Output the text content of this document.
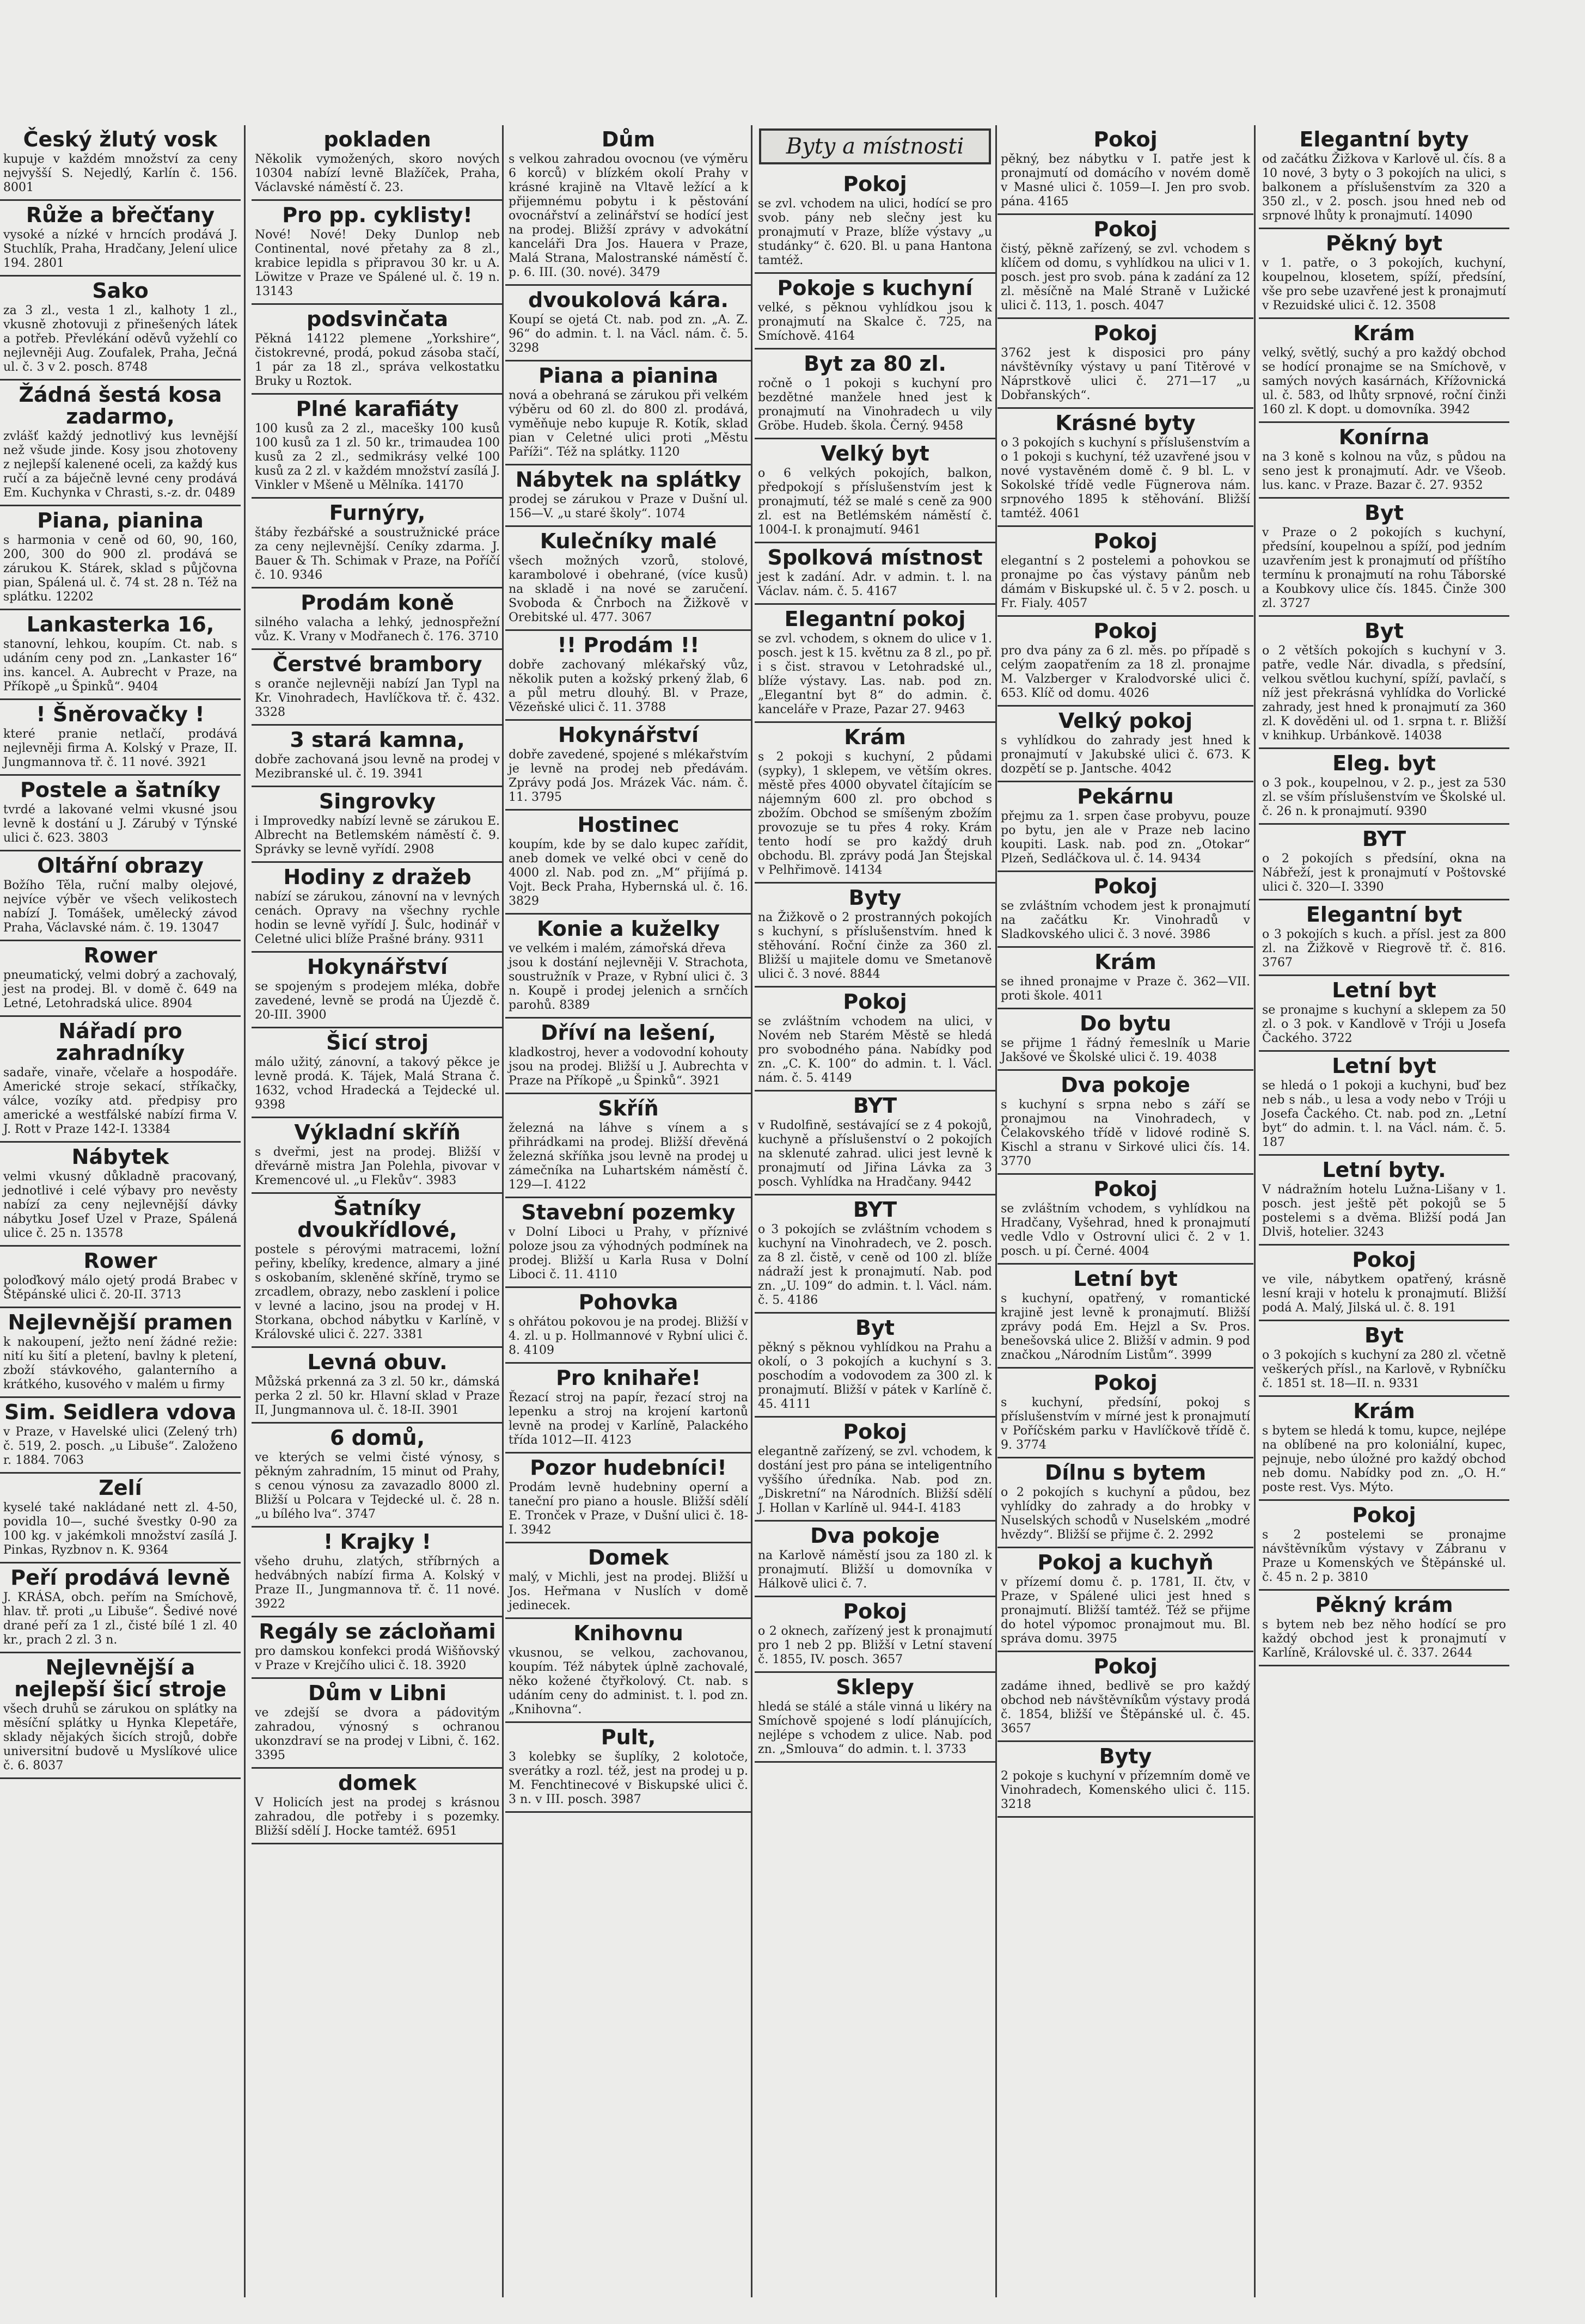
Český žlutý vosk

kupuje v každém množství za ceny nejvyšší S. Nejedlý, Karlín č. 156. 8001

Růže a břečťany

vysoké a nízké v hrncích prodává J. Stuchlík, Praha, Hradčany, Jelení ulice 194. 2801

Sako

za 3 zl., vesta 1 zl., kalhoty 1 zl., vkusně zhotovuji z přinešených látek a potřeb. Převlékání oděvů vyžehlí co nejlevněji Aug. Zoufalek, Praha, Ječná ul. č. 3 v 2. posch. 8748

Žádná šestá kosa zadarmo,

zvlášť každý jednotlivý kus levnější než všude jinde. Kosy jsou zhotoveny z nejlepší kalenené oceli, za každý kus ručí a za báječně levné ceny prodává Em. Kuchynka v Chrasti, s.-z. dr. 0489

Piana, pianina

s harmonia v ceně od 60, 90, 160, 200, 300 do 900 zl. prodává se zárukou K. Stárek, sklad s půjčovna pian, Spálená ul. č. 74 st. 28 n. Též na splátku. 12202

Lankasterka 16,

stanovní, lehkou, koupím. Ct. nab. s udáním ceny pod zn. „Lankaster 16“ ins. kancel. A. Aubrecht v Praze, na Příkopě „u Špinků“. 9404

! Šněrovačky !

které pranie netlačí, prodává nejlevněji firma A. Kolský v Praze, II. Jungmannova tř. č. 11 nové. 3921

Postele a šatníky

tvrdé a lakované velmi vkusné jsou levně k dostání u J. Zárubý v Týnské ulici č. 623. 3803

Oltářní obrazy

Božího Těla, ruční malby olejové, nejvíce výběr ve všech velikostech nabízí J. Tomášek, umělecký závod Praha, Václavské nám. č. 19. 13047

Rower

pneumatický, velmi dobrý a zachovalý, jest na prodej. Bl. v domě č. 649 na Letné, Letohradská ulice. 8904

Nářadí pro zahradníky

sadaře, vinaře, včelaře a hospodáře. Americké stroje sekací, stříkačky, válce, vozíky atd. předpisy pro americké a westfálské nabízí firma V. J. Rott v Praze 142-I. 13384

Nábytek

velmi vkusný důkladně pracovaný, jednotlivé i celé výbavy pro nevěsty nabízí za ceny nejlevnější dávky nábytku Josef Uzel v Praze, Spálená ulice č. 25 n. 13578

Rower

poloďkový málo ojetý prodá Brabec v Štěpánské ulici č. 20-II. 3713

Nejlevnější pramen

k nakoupení, ježto není žádné režie: nití ku šití a pletení, bavlny k pletení, zboží stávkového, galanterního a krátkého, kusového v malém u firmy

Sim. Seidlera vdova

v Praze, v Havelské ulici (Zelený trh) č. 519, 2. posch. „u Libuše“. Založeno r. 1884. 7063

Zelí

kyselé také nakládané nett zl. 4-50, povidla 10—, suché švestky 0-90 za 100 kg. v jakémkoli množství zasílá J. Pinkas, Ryzbnov n. K. 9364

Peří prodává levně

J. KRÁSA, obch. peřím na Smíchově, hlav. tř. proti „u Libuše“. Šedivé nové drané peří za 1 zl., čisté bílé 1 zl. 40 kr., prach 2 zl. 3 n.

Nejlevnější a nejlepší šicí stroje

všech druhů se zárukou on splátky na měsíční splátky u Hynka Klepetáře, sklady nějakých šicích strojů, dobře universitní budově u Myslíkové ulice č. 6. 8037

pokladen

Několik vymožených, skoro nových 10304 nabízí levně Blažíček, Praha, Václavské náměstí č. 23.

Pro pp. cyklisty!

Nové! Nové! Deky Dunlop neb Continental, nové přetahy za 8 zl., krabice lepidla s připravou 30 kr. u A. Löwitze v Praze ve Spálené ul. č. 19 n. 13143

podsvinčata

Pěkná 14122 plemene „Yorkshire“, čistokrevné, prodá, pokud zásoba stačí, 1 pár za 18 zl., správa velkostatku Bruky u Roztok.

Plné karafiáty

100 kusů za 2 zl., macešky 100 kusů 100 kusů za 1 zl. 50 kr., trimaudea 100 kusů za 2 zl., sedmikrásy velké 100 kusů za 2 zl. v každém množství zasílá J. Vinkler v Mšeně u Mělníka. 14170

Furnýry,

štáby řezbářské a soustružnické práce za ceny nejlevnější. Ceníky zdarma. J. Bauer & Th. Schimak v Praze, na Poříčí č. 10. 9346

Prodám koně

silného valacha a lehký, jednospřežní vůz. K. Vrany v Modřanech č. 176. 3710

Čerstvé brambory

s oranče nejlevněji nabízí Jan Typl na Kr. Vinohradech, Havlíčkova tř. č. 432. 3328

3 stará kamna,

dobře zachovaná jsou levně na prodej v Mezibranské ul. č. 19. 3941

Singrovky

i Improvedky nabízí levně se zárukou E. Albrecht na Betlemském náměstí č. 9. Správky se levně vyřídí. 2908

Hodiny z dražeb

nabízí se zárukou, zánovní na v levných cenách. Opravy na všechny rychle hodin se levně vyřídí J. Šulc, hodinář v Celetné ulici blíže Prašné brány. 9311

Hokynářství

se spojeným s prodejem mléka, dobře zavedené, levně se prodá na Újezdě č. 20-III. 3900

Šicí stroj

málo užitý, zánovní, a takový pěkce je levně prodá. K. Tájek, Malá Strana č. 1632, vchod Hradecká a Tejdecké ul. 9398

Výkladní skříň

s dveřmi, jest na prodej. Bližší v dřevárně mistra Jan Polehla, pivovar v Kremencové ul. „u Flekův“. 3983

Šatníky dvoukřídlové,

postele s pérovými matracemi, ložní peřiny, kbelíky, kredence, almary a jiné s oskobaním, skleněné skříně, trymo se zrcadlem, obrazy, nebo zasklení i police v levné a lacino, jsou na prodej v H. Storkana, obchod nábytku v Karlíně, v Královské ulici č. 227. 3381

Levná obuv.

Můžská prkenná za 3 zl. 50 kr., dámská perka 2 zl. 50 kr. Hlavní sklad v Praze II, Jungmannova ul. č. 18-II. 3901

6 domů,

ve kterých se velmi čisté výnosy, s pěkným zahradním, 15 minut od Prahy, s cenou výnosu za zavazadlo 8000 zl. Bližší u Polcara v Tejdecké ul. č. 28 n. „u bílého lva“. 3747

! Krajky !

všeho druhu, zlatých, stříbrných a hedvábných nabízí firma A. Kolský v Praze II., Jungmannova tř. č. 11 nové. 3922

Regály se zácloňami

pro damskou konfekci prodá Wišňovský v Praze v Krejčího ulici č. 18. 3920

Dům v Libni

ve zdejší se dvora a pádovitým zahradou, výnosný s ochranou ukonzdraví se na prodej v Libni, č. 162. 3395

domek

V Holicích jest na prodej s krásnou zahradou, dle potřeby i s pozemky. Bližší sdělí J. Hocke tamtéž. 6951

Dům

s velkou zahradou ovocnou (ve výměru 6 korců) v blízkém okolí Prahy v krásné krajině na Vltavě ležící a k přijemnému pobytu i k pěstování ovocnářství a zelinářství se hodící jest na prodej. Bližší zprávy v advokátní kanceláři Dra Jos. Hauera v Praze, Malá Strana, Malostranské náměstí č. p. 6. III. (30. nové). 3479

dvoukolová kára.

Koupí se ojetá Ct. nab. pod zn. „A. Z. 96“ do admin. t. l. na Václ. nám. č. 5. 3298

Piana a pianina

nová a obehraná se zárukou při velkém výběru od 60 zl. do 800 zl. prodává, vyměňuje nebo kupuje R. Kotík, sklad pian v Celetné ulici proti „Městu Paříži“. Též na splátky. 1120

Nábytek na splátky

prodej se zárukou v Praze v Dušní ul. 156—V. „u staré školy“. 1074

Kulečníky malé

všech možných vzorů, stolové, karambolové i obehrané, (více kusů) na skladě i na nové se zaručení. Svoboda & Čnrboch na Žižkově v Orebitské ul. 477. 3067

!! Prodám !!

dobře zachovaný mlékařský vůz, několik puten a kožský prkený žlab, 6 a půl metru dlouhý. Bl. v Praze, Vězeňské ulici č. 11. 3788

Hokynářství

dobře zavedené, spojené s mlékařstvím je levně na prodej neb předávám. Zprávy podá Jos. Mrázek Vác. nám. č. 11. 3795

Hostinec

koupím, kde by se dalo kupec zařídit, aneb domek ve velké obci v ceně do 4000 zl. Nab. pod zn. „M“ přijímá p. Vojt. Beck Praha, Hybernská ul. č. 16. 3829

Konie a kuželky

ve velkém i malém, zámořská dřeva

jsou k dostání nejlevněji V. Strachota, soustružník v Praze, v Rybní ulici č. 3 n. Koupě i prodej jelenich a srnčích parohů. 8389

Dříví na lešení,

kladkostroj, hever a vodovodní kohouty jsou na prodej. Bližší u J. Aubrechta v Praze na Příkopě „u Špinků“. 3921

Skříň

železná na láhve s vínem a s přihrádkami na prodej. Bližší dřevěná železná skříňka jsou levně na prodej u zámečníka na Luhartském náměstí č. 129—I. 4122

Stavební pozemky

v Dolní Liboci u Prahy, v příznivé poloze jsou za výhodných podmínek na prodej. Bližší u Karla Rusa v Dolní Liboci č. 11. 4110

Pohovka

s ohřátou pokovou je na prodej. Bližší v 4. zl. u p. Hollmannové v Rybní ulici č. 8. 4109

Pro knihaře!

Řezací stroj na papír, řezací stroj na lepenku a stroj na krojení kartonů levně na prodej v Karlíně, Palackého třída 1012—II. 4123

Pozor hudebníci!

Prodám levně hudebniny operní a taneční pro piano a housle. Bližší sdělí E. Tronček v Praze, v Dušní ulici č. 18-I. 3942

Domek

malý, v Michli, jest na prodej. Bližší u Jos. Heřmana v Nuslích v domě jedinecek.

Knihovnu

vkusnou, se velkou, zachovanou, koupím. Též nábytek úplně zachovalé, něko kožené čtyřkolový. Ct. nab. s udáním ceny do administ. t. l. pod zn. „Knihovna“.

Pult,

3 kolebky se šuplíky, 2 kolotoče, sverátky a rozl. též, jest na prodej u p. M. Fenchtinecové v Biskupské ulici č. 3 n. v III. posch. 3987

Byty a místnosti
Pokoj

se zvl. vchodem na ulici, hodící se pro svob. pány neb slečny jest ku pronajmutí v Praze, blíže výstavy „u studánky“ č. 620. Bl. u pana Hantona tamtéž.

Pokoje s kuchyní

velké, s pěknou vyhlídkou jsou k pronajmutí na Skalce č. 725, na Smíchově. 4164

Byt za 80 zl.

ročně o 1 pokoji s kuchyní pro bezdětné manžele hned jest k pronajmutí na Vinohradech u vily Gröbe. Hudeb. škola. Černý. 9458

Velký byt

o 6 velkých pokojích, balkon, předpokojí s příslušenstvím jest k pronajmutí, též se malé s ceně za 900 zl. est na Betlémském náměstí č. 1004-I. k pronajmutí. 9461

Spolková místnost

jest k zadání. Adr. v admin. t. l. na Václav. nám. č. 5. 4167

Elegantní pokoj

se zvl. vchodem, s oknem do ulice v 1. posch. jest k 15. květnu za 8 zl., po př. i s čist. stravou v Letohradské ul., blíže výstavy. Las. nab. pod zn. „Elegantní byt 8“ do admin. č. kanceláře v Praze, Pazar 27. 9463

Krám

s 2 pokoji s kuchyní, 2 půdami (sypky), 1 sklepem, ve větším okres. městě přes 4000 obyvatel čítajícím se nájemným 600 zl. pro obchod s zbožím. Obchod se smíšeným zbožím provozuje se tu přes 4 roky. Krám tento hodí se pro každý druh obchodu. Bl. zprávy podá Jan Štejskal v Pelhřimově. 14134

Byty

na Žižkově o 2 prostranných pokojích s kuchyní, s příslušenstvím. hned k stěhování. Roční činže za 360 zl. Bližší u majitele domu ve Smetanově ulici č. 3 nové. 8844

Pokoj

se zvláštním vchodem na ulici, v Novém neb Starém Městě se hledá pro svobodného pána. Nabídky pod zn. „C. K. 100“ do admin. t. l. Václ. nám. č. 5. 4149

BYT

v Rudolfině, sestávající se z 4 pokojů, kuchyně a příslušenství o 2 pokojích na sklenuté zahrad. ulici jest levně k pronajmutí od Jiřina Lávka za 3 posch. Vyhlídka na Hradčany. 9442

BYT

o 3 pokojích se zvláštním vchodem s kuchyní na Vinohradech, ve 2. posch. za 8 zl. čistě, v ceně od 100 zl. blíže nádraží jest k pronajmutí. Nab. pod zn. „U. 109“ do admin. t. l. Václ. nám. č. 5. 4186

Byt

pěkný s pěknou vyhlídkou na Prahu a okolí, o 3 pokojích a kuchyní s 3. poschodím a vodovodem za 300 zl. k pronajmutí. Bližší v pátek v Karlíně č. 45. 4111

Pokoj

elegantně zařízený, se zvl. vchodem, k dostání jest pro pána se inteligentního vyššího úředníka. Nab. pod zn. „Diskretní“ na Národních. Bližší sdělí J. Hollan v Karlíně ul. 944-I. 4183

Dva pokoje

na Karlově náměstí jsou za 180 zl. k pronajmutí. Bližší u domovníka v Hálkově ulici č. 7.

Pokoj

o 2 oknech, zařízený jest k pronajmutí pro 1 neb 2 pp. Bližší v Letní stavení č. 1855, IV. posch. 3657

Sklepy

hledá se stálé a stále vinná u likéry na Smíchově spojené s lodí plánujících, nejlépe s vchodem z ulice. Nab. pod zn. „Smlouva“ do admin. t. l. 3733

Pokoj

pěkný, bez nábytku v I. patře jest k pronajmutí od domácího v novém domě v Masné ulici č. 1059—I. Jen pro svob. pána. 4165

Pokoj

čistý, pěkně zařízený, se zvl. vchodem s klíčem od domu, s vyhlídkou na ulici v 1. posch. jest pro svob. pána k zadání za 12 zl. měsíčně na Malé Straně v Lužické ulici č. 113, 1. posch. 4047

Pokoj

3762 jest k disposici pro pány návštěvníky výstavy u paní Titěrové v Náprstkově ulici č. 271—17 „u Dobřanských“.

Krásné byty

o 3 pokojích s kuchyní s příslušenstvím a o 1 pokoji s kuchyní, též uzavřené jsou v nové vystavěném domě č. 9 bl. L. v Sokolské třídě vedle Fügnerova nám. srpnového 1895 k stěhování. Bližší tamtéž. 4061

Pokoj

elegantní s 2 postelemi a pohovkou se pronajme po čas výstavy pánům neb dámám v Biskupské ul. č. 5 v 2. posch. u Fr. Fialy. 4057

Pokoj

pro dva pány za 6 zl. měs. po případě s celým zaopatřením za 18 zl. pronajme M. Valzberger v Kralodvorské ulici č. 653. Klíč od domu. 4026

Velký pokoj

s vyhlídkou do zahrady jest hned k pronajmutí v Jakubské ulici č. 673. K dozpětí se p. Jantsche. 4042

Pekárnu

přejmu za 1. srpen čase probyvu, pouze po bytu, jen ale v Praze neb lacino koupiti. Lask. nab. pod zn. „Otokar“ Plzeň, Sedláčkova ul. č. 14. 9434

Pokoj

se zvláštním vchodem jest k pronajmutí na začátku Kr. Vinohradů v Sladkovského ulici č. 3 nové. 3986

Krám

se ihned pronajme v Praze č. 362—VII. proti škole. 4011

Do bytu

se přijme 1 řádný řemeslník u Marie Jakšové ve Školské ulici č. 19. 4038

Dva pokoje

s kuchyní s srpna nebo s září se pronajmou na Vinohradech, v Čelakovského třídě v lidové rodině S. Kischl a stranu v Sirkové ulici čís. 14. 3770

Pokoj

se zvláštním vchodem, s vyhlídkou na Hradčany, Vyšehrad, hned k pronajmutí vedle Vdlo v Ostrovní ulici č. 2 v 1. posch. u pí. Černé. 4004

Letní byt

s kuchyní, opatřený, v romantické krajině jest levně k pronajmutí. Bližší zprávy podá Em. Hejzl a Sv. Pros. benešovská ulice 2. Bližší v admin. 9 pod značkou „Národním Listům“. 3999

Pokoj

s kuchyní, předsíní, pokoj s příslušenstvím v mírné jest k pronajmutí v Poříčském parku v Havlíčkově třídě č. 9. 3774

Dílnu s bytem

o 2 pokojích s kuchyní a půdou, bez vyhlídky do zahrady a do hrobky v Nuselských schodů v Nuselském „modré hvězdy“. Bližší se přijme č. 2. 2992

Pokoj a kuchyň

v přízemí domu č. p. 1781, II. čtv, v Praze, v Spálené ulici jest hned s pronajmutí. Bližší tamtéž. Též se přijme do hotel výpomoc pronajmout mu. Bl. správa domu. 3975

Pokoj

zadáme ihned, bedlivě se pro každý obchod neb návštěvníkům výstavy prodá č. 1854, bližší ve Štěpánské ul. č. 45. 3657

Byty

2 pokoje s kuchyní v přízemním domě ve Vinohradech, Komenského ulici č. 115. 3218

Elegantní byty

od začátku Žižkova v Karlově ul. čís. 8 a 10 nové, 3 byty o 3 pokojích na ulici, s balkonem a příslušenstvím za 320 a 350 zl., v 2. posch. jsou hned neb od srpnové lhůty k pronajmutí. 14090

Pěkný byt

v 1. patře, o 3 pokojích, kuchyní, koupelnou, klosetem, spíží, předsíní, vše pro sebe uzavřené jest k pronajmutí v Rezuidské ulici č. 12. 3508

Krám

velký, světlý, suchý a pro každý obchod se hodící pronajme se na Smíchově, v samých nových kasárnách, Křížovnická ul. č. 583, od lhůty srpnové, roční činži 160 zl. K dopt. u domovníka. 3942

Konírna

na 3 koně s kolnou na vůz, s půdou na seno jest k pronajmutí. Adr. ve Všeob. lus. kanc. v Praze. Bazar č. 27. 9352

Byt

v Praze o 2 pokojích s kuchyní, předsíní, koupelnou a spíží, pod jedním uzavřením jest k pronajmutí od příštího termínu k pronajmutí na rohu Táborské a Koubkovy ulice čís. 1845. Činže 300 zl. 3727

Byt

o 2 větších pokojích s kuchyní v 3. patře, vedle Nár. divadla, s předsíní, velkou světlou kuchyní, spíží, pavlačí, s níž jest překrásná vyhlídka do Vorlické zahrady, jest hned k pronajmutí za 360 zl. K dověděni ul. od 1. srpna t. r. Bližší v knihkup. Urbánkově. 14038

Eleg. byt

o 3 pok., koupelnou, v 2. p., jest za 530 zl. se vším příslušenstvím ve Školské ul. č. 26 n. k pronajmutí. 9390

BYT

o 2 pokojích s předsíní, okna na Nábřeží, jest k pronajmutí v Poštovské ulici č. 320—I. 3390

Elegantní byt

o 3 pokojích s kuch. a přísl. jest za 800 zl. na Žižkově v Riegrově tř. č. 816. 3767

Letní byt

se pronajme s kuchyní a sklepem za 50 zl. o 3 pok. v Kandlově v Tróji u Josefa Čackého. 3722

Letní byt

se hledá o 1 pokoji a kuchyni, buď bez neb s náb., u lesa a vody nebo v Tróji u Josefa Čackého. Ct. nab. pod zn. „Letní byt“ do admin. t. l. na Václ. nám. č. 5. 187

Letní byty.

V nádražním hotelu Lužna-Lišany v 1. posch. jest ještě pět pokojů se 5 postelemi s a dvěma. Bližší podá Jan Dlviš, hotelier. 3243

Pokoj

ve vile, nábytkem opatřený, krásně lesní kraji v hotelu k pronajmutí. Bližší podá A. Malý, Jilská ul. č. 8. 191

Byt

o 3 pokojích s kuchyní za 280 zl. včetně veškerých přísl., na Karlově, v Rybníčku č. 1851 st. 18—II. n. 9331

Krám

s bytem se hledá k tomu, kupce, nejlépe na oblíbené na pro koloniální, kupec, pejnuje, nebo úložné pro každý obchod neb domu. Nabídky pod zn. „O. H.“ poste rest. Vys. Mýto.

Pokoj

s 2 postelemi se pronajme návštěvníkům výstavy v Zábranu v Praze u Komenských ve Štěpánské ul. č. 45 n. 2 p. 3810

Pěkný krám

s bytem neb bez něho hodící se pro každý obchod jest k pronajmutí v Karlíně, Královské ul. č. 337. 2644
